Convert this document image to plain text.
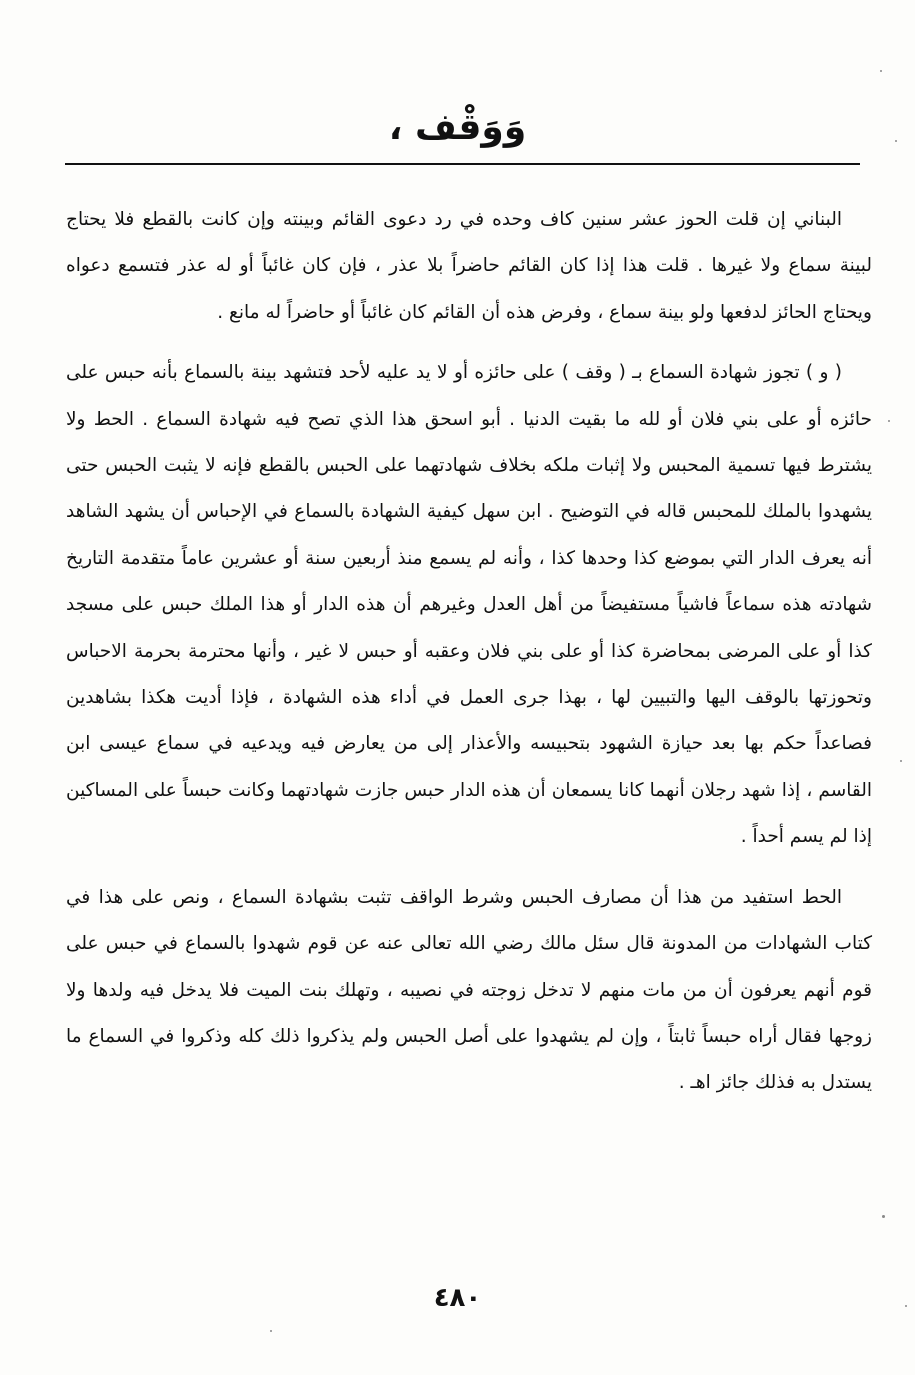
وَوَقْف ،

البناني إن قلت الحوز عشر سنين كاف وحده في رد دعوى القائم وبينته وإن كانت بالقطع فلا يحتاج لبينة سماع ولا غيرها . قلت هذا إذا كان القائم حاضراً بلا عذر ، فإن كان غائباً أو له عذر فتسمع دعواه ويحتاج الحائز لدفعها ولو بينة سماع ، وفرض هذه أن القائم كان غائباً أو حاضراً له مانع .

( و ) تجوز شهادة السماع بـ ( وقف ) على حائزه أو لا يد عليه لأحد فتشهد بينة بالسماع بأنه حبس على حائزه أو على بني فلان أو لله ما بقيت الدنيا . أبو اسحق هذا الذي تصح فيه شهادة السماع . الحط ولا يشترط فيها تسمية المحبس ولا إثبات ملكه بخلاف شهادتهما على الحبس بالقطع فإنه لا يثبت الحبس حتى يشهدوا بالملك للمحبس قاله في التوضيح . ابن سهل كيفية الشهادة بالسماع في الإحباس أن يشهد الشاهد أنه يعرف الدار التي بموضع كذا وحدها كذا ، وأنه لم يسمع منذ أربعين سنة أو عشرين عاماً متقدمة التاريخ شهادته هذه سماعاً فاشياً مستفيضاً من أهل العدل وغيرهم أن هذه الدار أو هذا الملك حبس على مسجد كذا أو على المرضى بمحاضرة كذا أو على بني فلان وعقبه أو حبس لا غير ، وأنها محترمة بحرمة الاحباس وتحوزتها بالوقف اليها والتبيين لها ، بهذا جرى العمل في أداء هذه الشهادة ، فإذا أديت هكذا بشاهدين فصاعداً حكم بها بعد حيازة الشهود بتحبيسه والأعذار إلى من يعارض فيه ويدعيه في سماع عيسى ابن القاسم ، إذا شهد رجلان أنهما كانا يسمعان أن هذه الدار حبس جازت شهادتهما وكانت حبساً على المساكين إذا لم يسم أحداً .

الحط استفيد من هذا أن مصارف الحبس وشرط الواقف تثبت بشهادة السماع ، ونص على هذا في كتاب الشهادات من المدونة قال سئل مالك رضي الله تعالى عنه عن قوم شهدوا بالسماع في حبس على قوم أنهم يعرفون أن من مات منهم لا تدخل زوجته في نصيبه ، وتهلك بنت الميت فلا يدخل فيه ولدها ولا زوجها فقال أراه حبساً ثابتاً ، وإن لم يشهدوا على أصل الحبس ولم يذكروا ذلك كله وذكروا في السماع ما يستدل به فذلك جائز اهـ .

٤٨٠
